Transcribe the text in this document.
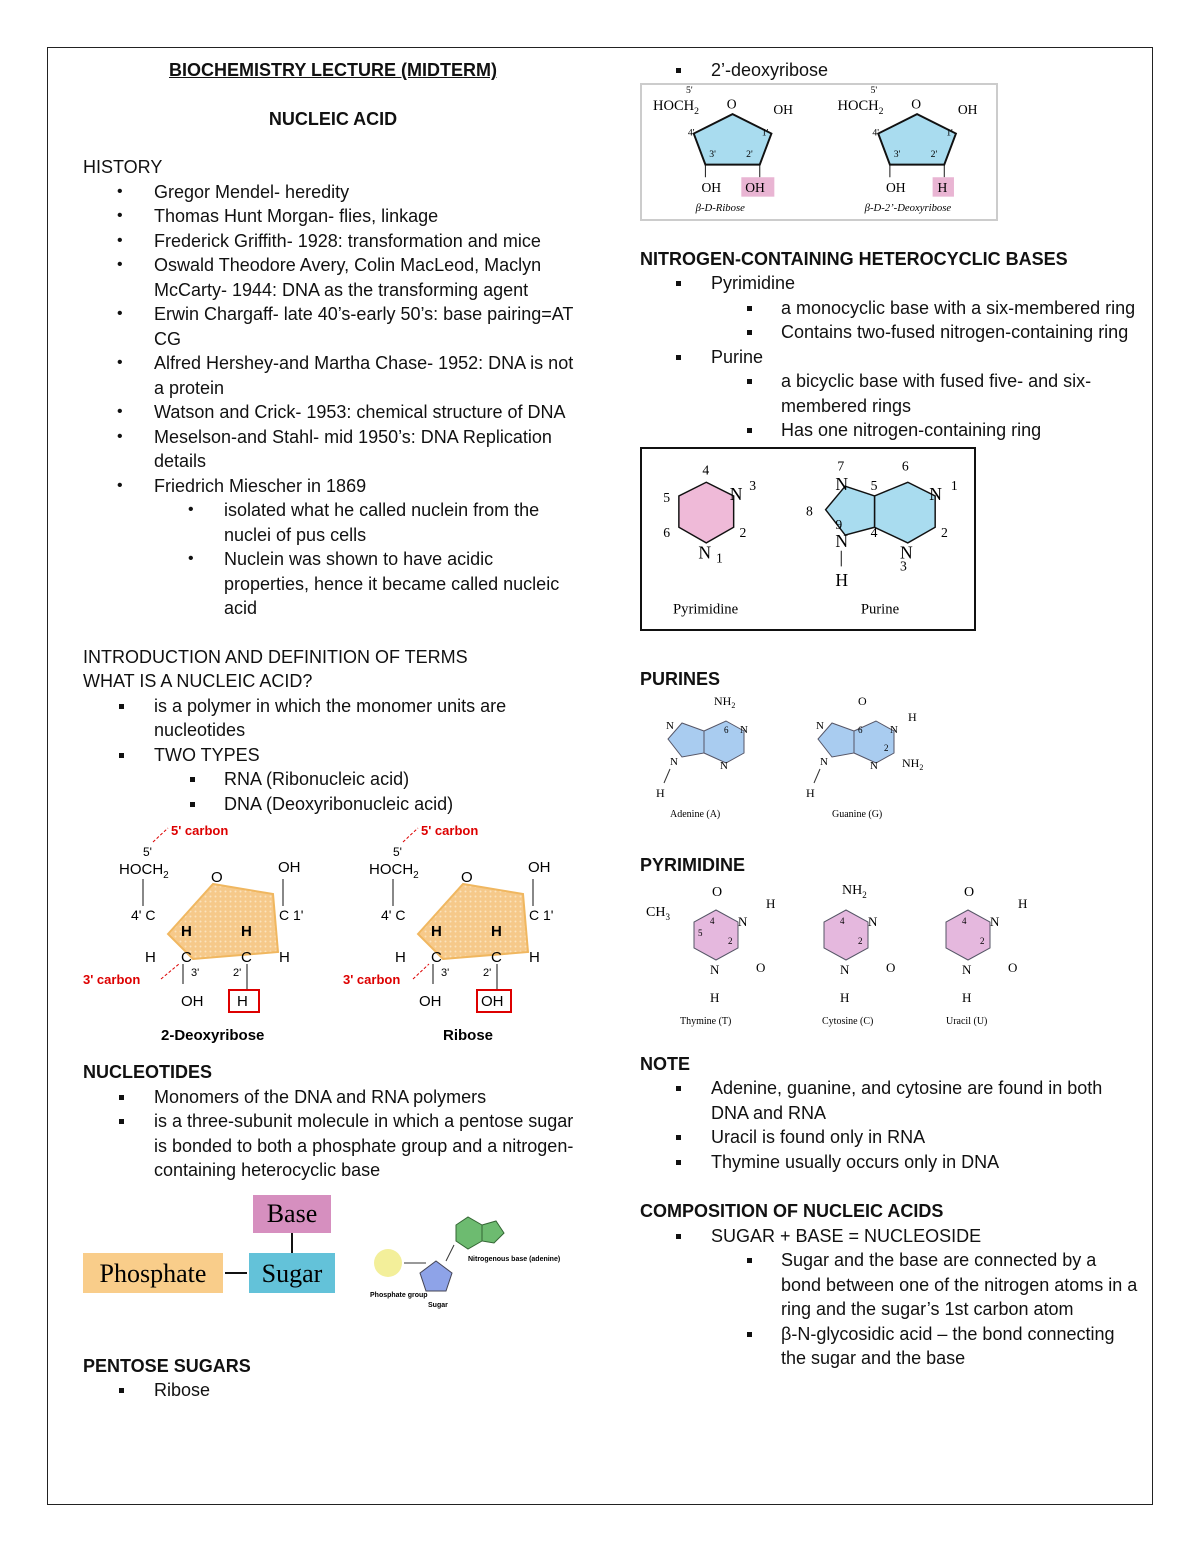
BIOCHEMISTRY LECTURE (MIDTERM)
NUCLEIC ACID
HISTORY
• Gregor Mendel- heredity
• Thomas Hunt Morgan- flies, linkage
• Frederick Griffith- 1928: transformation and mice
• Oswald Theodore Avery, Colin MacLeod, Maclyn McCarty- 1944: DNA as the transforming agent
• Erwin Chargaff- late 40’s-early 50’s: base pairing=AT CG
• Alfred Hershey-and Martha Chase- 1952: DNA is not a protein
• Watson and Crick- 1953: chemical structure of DNA
• Meselson-and Stahl- mid 1950’s: DNA Replication details
• Friedrich Miescher in 1869
• isolated what he called nuclein from the nuclei of pus cells
• Nuclein was shown to have acidic properties, hence it became called nucleic acid
INTRODUCTION AND DEFINITION OF TERMS
WHAT IS A NUCLEIC ACID?
is a polymer in which the monomer units are nucleotides
TWO TYPES
RNA (Ribonucleic acid)
DNA (Deoxyribonucleic acid)
5' carbon
5'
$HOCH_2$	O
OH
4' C	C 1'
H	H
H C	C H
3'	2'
3' carbon
OH H
2-Deoxyribose
5' carbon
5'
$HOCH_2$	O
OH
4' C	C 1'
H	H
H C	C H
3'	2'
3' carbon
OH	OH
Ribose
NUCLEOTIDES
Monomers of the DNA and RNA polymers
is a three-subunit molecule in which a pentose sugar is bonded to both a phosphate group and a nitrogen-containing heterocyclic base
Base
Phosphate Sugar
Phosphate group
Sugar
Nitrogenous base (adenine)
PENTOSE SUGARS
Ribose
2’-deoxyribose
5'
$HOCH_2$
O	OH
4'	1'
3'	2'
OH OH
β-D-Ribose
5'
$HOCH_2$
O	OH
4'	1'
3'	2'
OH H
β-D-2’-Deoxyribose
NITROGEN-CONTAINING HETEROCYCLIC BASES
Pyrimidine
a monocyclic base with a six-membered ring
Contains two-fused nitrogen-containing ring
Purine
a bicyclic base with fused five- and six-membered rings
Has one nitrogen-containing ring
4
N 3
2
N 1
6
5
Pyrimidine
N
7
5
6
N 1
2
N
3
4
8
9
N
H
Purine
PURINES
$NH_2$
N
N
N	N
6
H
Adenine (A)
O
N
H
N
N	N
6
2
$NH_2$
H
Guanine (G)
PYRIMIDINE
O
$CH_3$	N
H
O
N
H
4
5
2
Thymine (T)
$NH_2$
N
O
N
H
4
2
Cytosine (C)
O
N
H
O
N
H
4
2
Uracil (U)
NOTE
Adenine, guanine, and cytosine are found in both DNA and RNA
Uracil is found only in RNA
Thymine usually occurs only in DNA
COMPOSITION OF NUCLEIC ACIDS
SUGAR + BASE = NUCLEOSIDE
Sugar and the base are connected by a bond between one of the nitrogen atoms in a ring and the sugar’s 1st carbon atom
β-N-glycosidic acid – the bond connecting the sugar and the base
